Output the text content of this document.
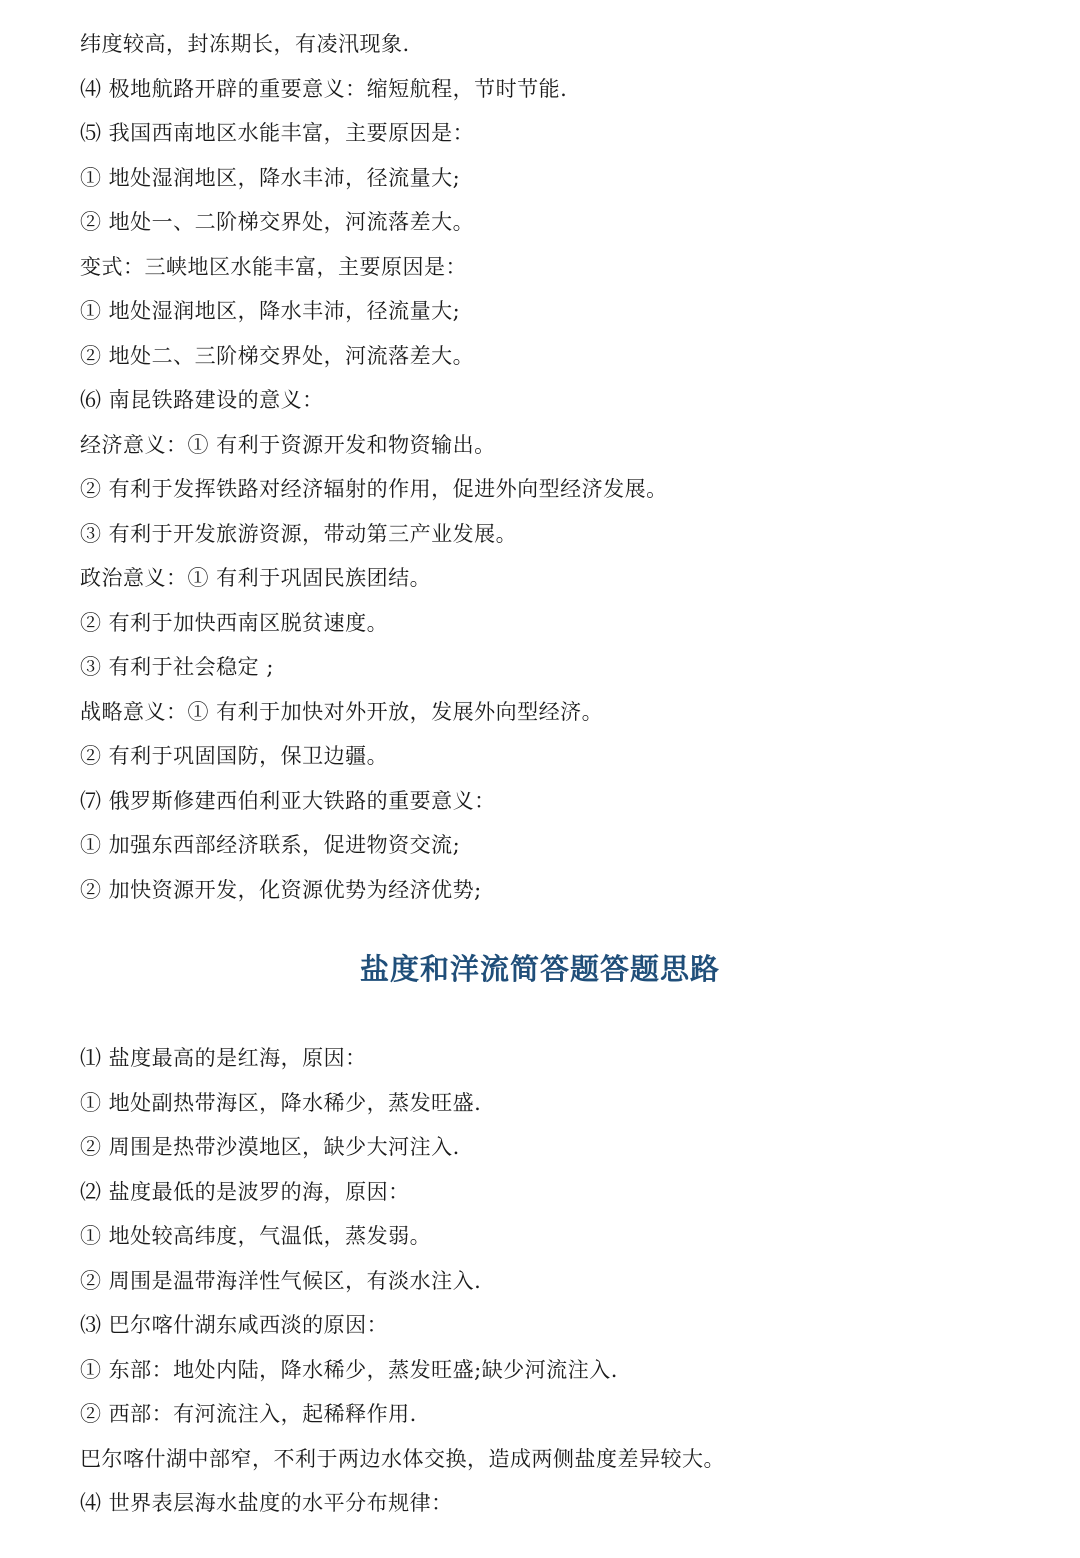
纬度较高，封冻期长，有凌汛现象.
⑷ 极地航路开辟的重要意义：缩短航程，节时节能.
⑸ 我国西南地区水能丰富，主要原因是：
① 地处湿润地区，降水丰沛，径流量大;
② 地处一、二阶梯交界处，河流落差大。
变式：三峡地区水能丰富，主要原因是：
① 地处湿润地区，降水丰沛，径流量大;
② 地处二、三阶梯交界处，河流落差大。
⑹ 南昆铁路建设的意义：
经济意义：① 有利于资源开发和物资输出。
② 有利于发挥铁路对经济辐射的作用，促进外向型经济发展。
③ 有利于开发旅游资源，带动第三产业发展。
政治意义：① 有利于巩固民族团结。
② 有利于加快西南区脱贫速度。
③ 有利于社会稳定 ;
战略意义：① 有利于加快对外开放，发展外向型经济。
② 有利于巩固国防，保卫边疆。
⑺ 俄罗斯修建西伯利亚大铁路的重要意义：
① 加强东西部经济联系，促进物资交流;
② 加快资源开发，化资源优势为经济优势;
盐度和洋流简答题答题思路
⑴ 盐度最高的是红海，原因：
① 地处副热带海区，降水稀少，蒸发旺盛.
② 周围是热带沙漠地区，缺少大河注入.
⑵ 盐度最低的是波罗的海，原因：
① 地处较高纬度，气温低，蒸发弱。
② 周围是温带海洋性气候区，有淡水注入.
⑶ 巴尔喀什湖东咸西淡的原因：
① 东部：地处内陆，降水稀少，蒸发旺盛;缺少河流注入.
② 西部：有河流注入，起稀释作用.
巴尔喀什湖中部窄，不利于两边水体交换，造成两侧盐度差异较大。
⑷ 世界表层海水盐度的水平分布规律：
